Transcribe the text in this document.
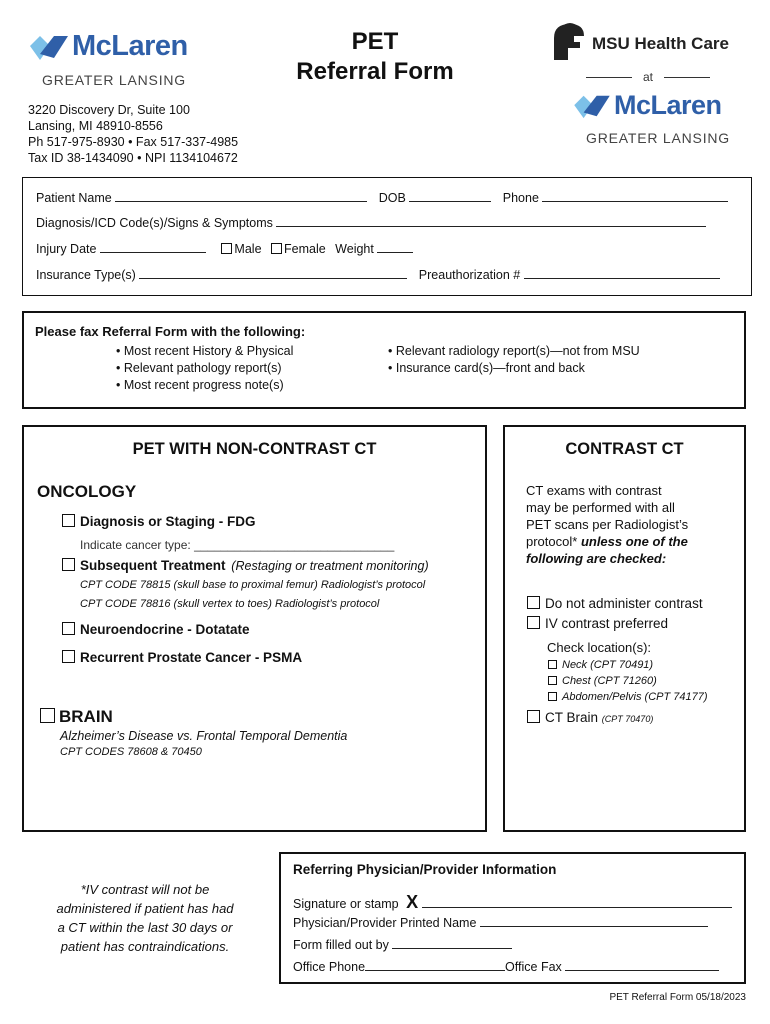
McLaren
GREATER LANSING
PET
Referral Form
3220 Discovery Dr, Suite 100
Lansing, MI 48910-8556
Ph 517-975-8930 • Fax 517-337-4985
Tax ID 38-1434090 • NPI 1134104672
MSU Health Care
at
McLaren
GREATER LANSING
Patient Name	DOB	Phone
Diagnosis/ICD Code(s)/Signs & Symptoms
Injury Date	Male Female Weight
Insurance Type(s)	Preauthorization #
Please fax Referral Form with the following:
• Most recent History & Physical
• Relevant pathology report(s)
• Most recent progress note(s)
• Relevant radiology report(s)—not from MSU
• Insurance card(s)—front and back
PET WITH NON-CONTRAST CT
ONCOLOGY
Diagnosis or Staging - FDG
Indicate cancer type: ______________________________
Subsequent Treatment (Restaging or treatment monitoring)
CPT CODE 78815 (skull base to proximal femur) Radiologist’s protocol
CPT CODE 78816 (skull vertex to toes) Radiologist’s protocol
Neuroendocrine - Dotatate
Recurrent Prostate Cancer - PSMA
BRAIN
Alzheimer’s Disease vs. Frontal Temporal Dementia
CPT CODES 78608 & 70450
CONTRAST CT
CT exams with contrast
may be performed with all
PET scans per Radiologist’s
protocol* unless one of the
following are checked:
Do not administer contrast
IV contrast preferred
Check location(s):
Neck (CPT 70491)
Chest (CPT 71260)
Abdomen/Pelvis (CPT 74177)
CT Brain (CPT 70470)
*IV contrast will not be
administered if patient has had
a CT within the last 30 days or
patient has contraindications.
Referring Physician/Provider Information
Signature or stamp X
Physician/Provider Printed Name
Form filled out by
Office Phone	Office Fax
PET Referral Form 05/18/2023
